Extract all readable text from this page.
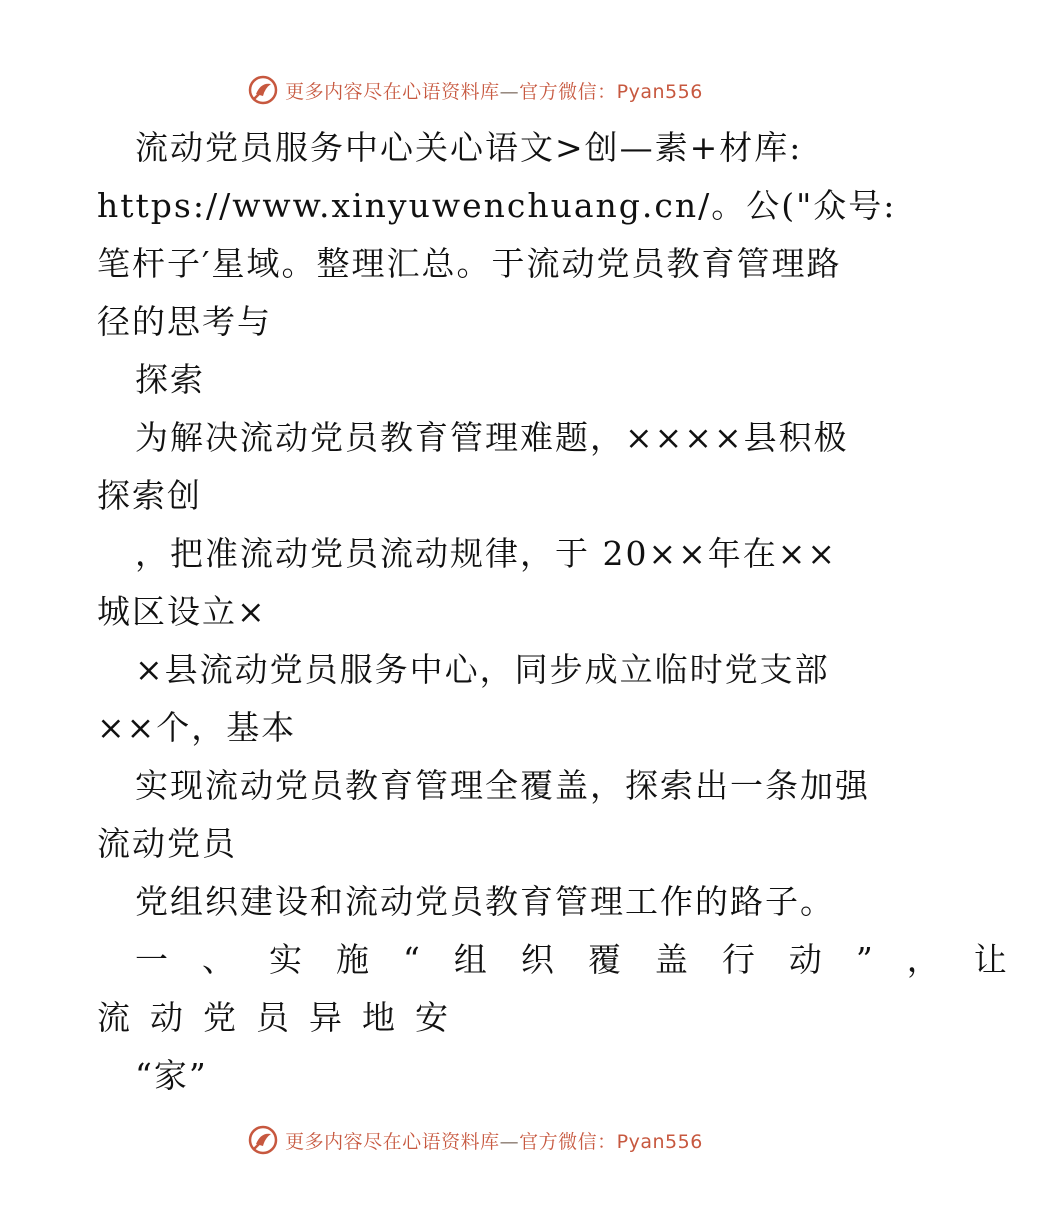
更多内容尽在心语资料库—官方微信：Pyan556
流动党员服务中心关心语文>创—素+材库:
https://www.xinyuwenchuang.cn/。公("众号:
笔杆子′星域。整理汇总。于流动党员教育管理路
径的思考与
探索
为解决流动党员教育管理难题，××××县积极
探索创
，把准流动党员流动规律，于 20××年在××
城区设立×
×县流动党员服务中心，同步成立临时党支部
××个，基本
实现流动党员教育管理全覆盖，探索出一条加强
流动党员
党组织建设和流动党员教育管理工作的路子。
一、实施“组织覆盖行动”，让
流动党员异地安
“家”
更多内容尽在心语资料库—官方微信：Pyan556
